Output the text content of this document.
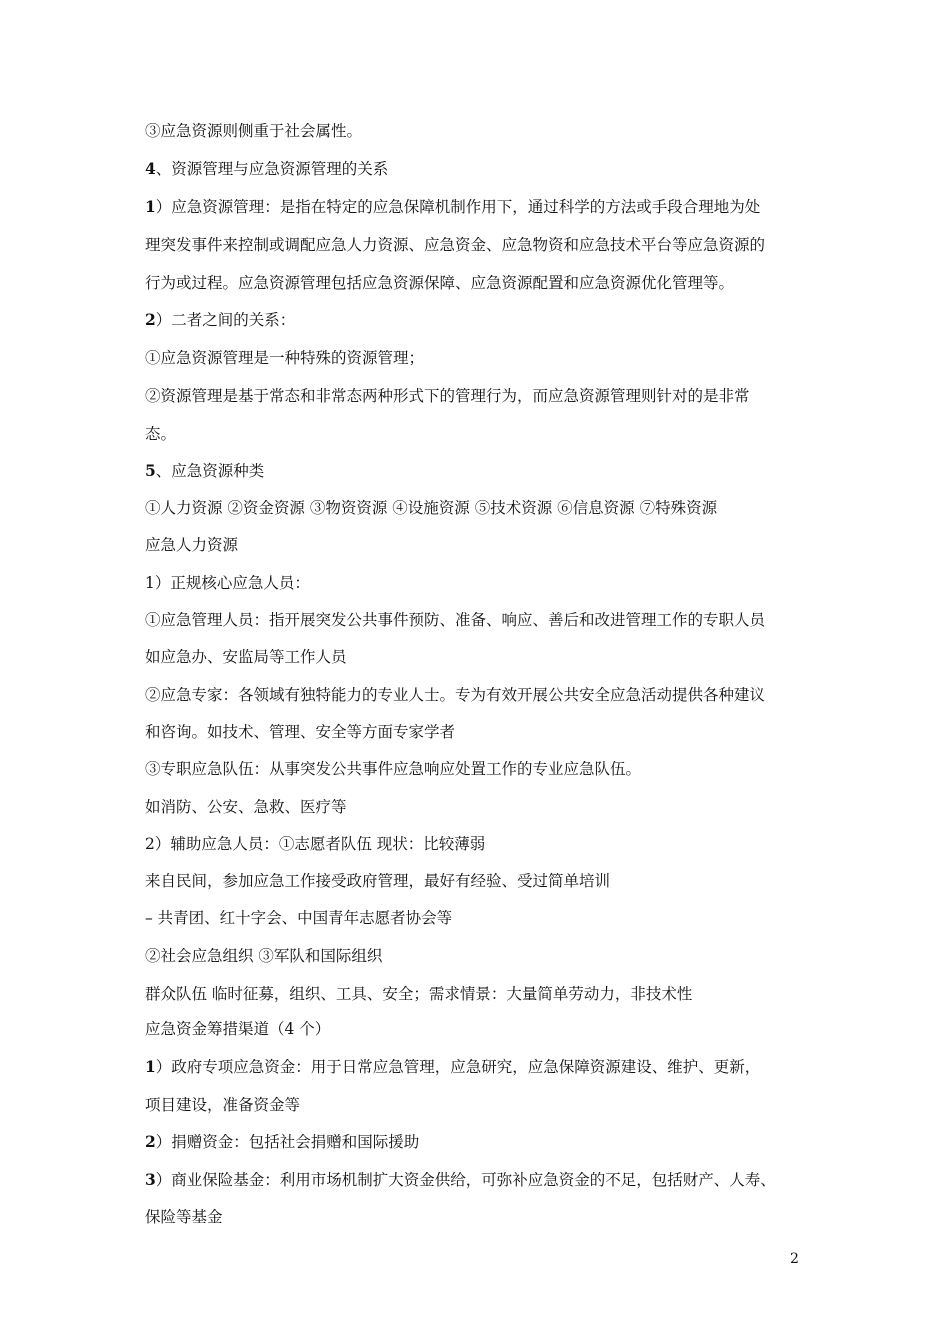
③应急资源则侧重于社会属性。
4、资源管理与应急资源管理的关系
1）应急资源管理：是指在特定的应急保障机制作用下，通过科学的方法或手段合理地为处
理突发事件来控制或调配应急人力资源、应急资金、应急物资和应急技术平台等应急资源的
行为或过程。应急资源管理包括应急资源保障、应急资源配置和应急资源优化管理等。
2）二者之间的关系：
①应急资源管理是一种特殊的资源管理；
②资源管理是基于常态和非常态两种形式下的管理行为，而应急资源管理则针对的是非常
态。
5、应急资源种类
①人力资源 ②资金资源 ③物资资源 ④设施资源 ⑤技术资源 ⑥信息资源 ⑦特殊资源
应急人力资源
1）正规核心应急人员：
①应急管理人员：指开展突发公共事件预防、准备、响应、善后和改进管理工作的专职人员
如应急办、安监局等工作人员
②应急专家：各领域有独特能力的专业人士。专为有效开展公共安全应急活动提供各种建议
和咨询。如技术、管理、安全等方面专家学者
③专职应急队伍：从事突发公共事件应急响应处置工作的专业应急队伍。
如消防、公安、急救、医疗等
2）辅助应急人员：①志愿者队伍 现状：比较薄弱
来自民间，参加应急工作接受政府管理，最好有经验、受过简单培训
– 共青团、红十字会、中国青年志愿者协会等
②社会应急组织 ③军队和国际组织
群众队伍 临时征募，组织、工具、安全；需求情景：大量简单劳动力，非技术性
应急资金筹措渠道（4 个）
1）政府专项应急资金：用于日常应急管理，应急研究，应急保障资源建设、维护、更新，
项目建设，准备资金等
2）捐赠资金：包括社会捐赠和国际援助
3）商业保险基金：利用市场机制扩大资金供给，可弥补应急资金的不足，包括财产、人寿、
保险等基金
2
